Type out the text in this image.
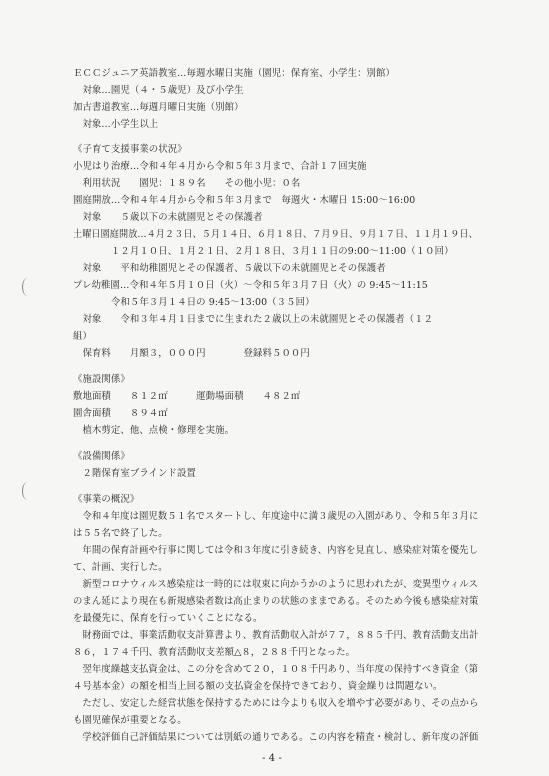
ＥＣＣジュニア英語教室…毎週水曜日実施（園児：保育室、小学生：別館）
　対象…園児（４・５歳児）及び小学生
加古書道教室…毎週月曜日実施（別館）
　対象…小学生以上
《子育て支援事業の状況》
小児はり治療…令和４年４月から令和５年３月まで、合計１７回実施
　利用状況　　園児：１８９名　　その他小児：０名
園庭開放…令和４年４月から令和５年３月まで　毎週火・木曜日 15:00～16:00
　対象　　５歳以下の未就園児とその保護者
土曜日園庭開放…４月２３日、５月１４日、６月１８日、７月９日、９月１７日、１１月１９日、
　　　　１２月１０日、１月２１日、２月１８日、３月１１日の9:00～11:00（１０回）
　対象　　平和幼稚園児とその保護者、５歳以下の未就園児とその保護者
プレ幼稚園…令和４年５月１０日（火）～令和５年３月７日（火）の 9:45～11:15
　　　　令和５年３月１４日の 9:45～13:00（３５回）
　対象　　令和３年４月１日までに生まれた２歳以上の未就園児とその保護者（１２
組）
　保育料　　月額３，０００円　　　　登録料５００円
《施設関係》
敷地面積　　８１２㎡　　　運動場面積　　４８２㎡
園舎面積　　８９４㎡
　植木剪定、他、点検・修理を実施。
《設備関係》
　２階保育室ブラインド設置
《事業の概況》
　令和４年度は園児数５１名でスタートし、年度途中に満３歳児の入園があり、令和５年３月に
は５５名で終了した。
　年間の保育計画や行事に関しては令和３年度に引き続き、内容を見直し、感染症対策を優先し
て、計画、実行した。
　新型コロナウィルス感染症は一時的には収束に向かうかのように思われたが、変異型ウィルス
のまん延により現在も新規感染者数は高止まりの状態のままである。そのため今後も感染症対策
を最優先に、保育を行っていくことになる。
　財務面では、事業活動収支計算書より、教育活動収入計が７７，８８５千円、教育活動支出計
８６，１７４千円、教育活動収支差額△８，２８８千円となった。
　翌年度繰越支払資金は、この分を含めて２０，１０８千円あり、当年度の保持すべき資金（第
４号基本金）の額を相当上回る額の支払資金を保持できており、資金繰りは問題ない。
　ただし、安定した経営状態を保持するためには今よりも収入を増やす必要があり、その点から
も園児確保が重要となる。
　学校評価自己評価結果については別紙の通りである。この内容を精査・検討し、新年度の評価
- 4 -
